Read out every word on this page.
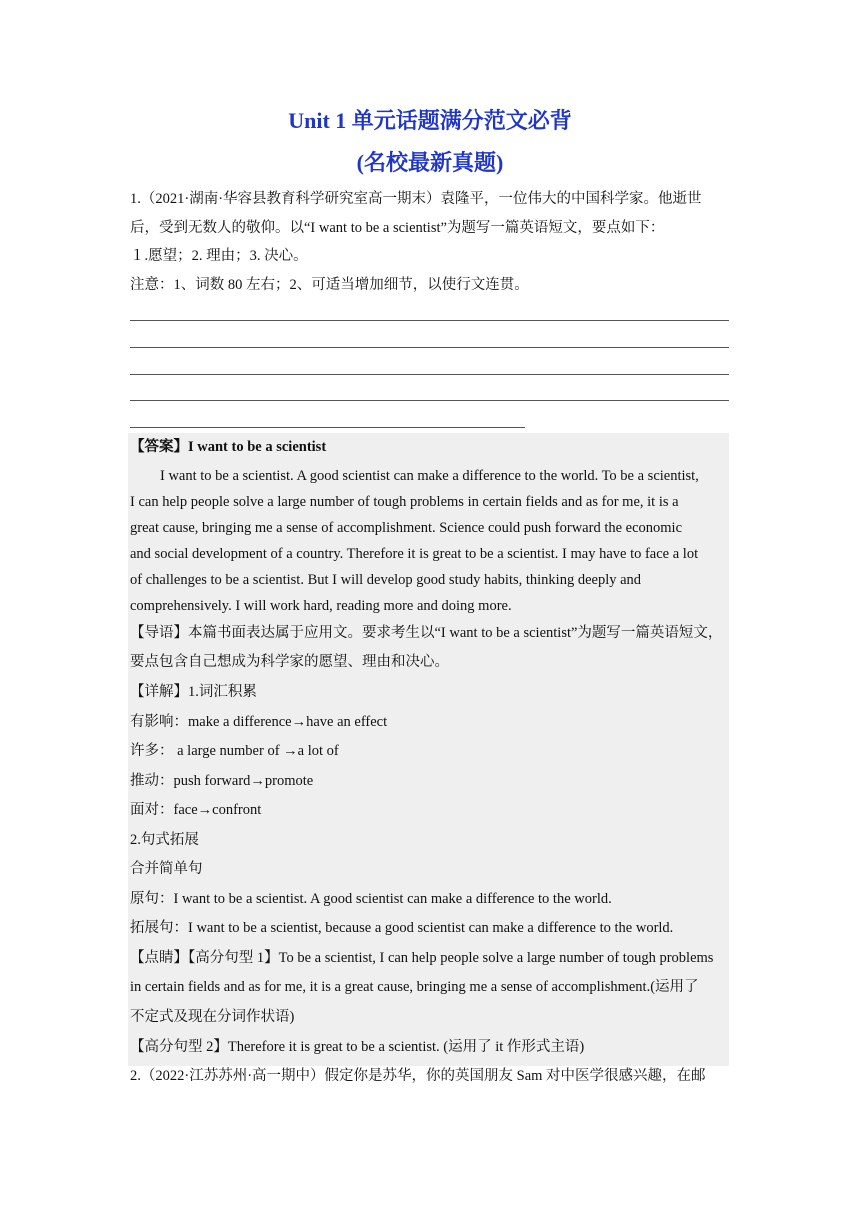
Unit 1 单元话题满分范文必背
(名校最新真题)
1.（2021·湖南·华容县教育科学研究室高一期末）袁隆平，一位伟大的中国科学家。他逝世
后，受到无数人的敬仰。以“I want to be a scientist”为题写一篇英语短文，要点如下：
１.愿望；2. 理由；3. 决心。
注意：1、词数 80 左右；2、可适当增加细节，以使行文连贯。
【答案】I want to be a scientist
I want to be a scientist. A good scientist can make a difference to the world. To be a scientist,
I can help people solve a large number of tough problems in certain fields and as for me, it is a
great cause, bringing me a sense of accomplishment. Science could push forward the economic
and social development of a country. Therefore it is great to be a scientist. I may have to face a lot
of challenges to be a scientist. But I will develop good study habits, thinking deeply and
comprehensively. I will work hard, reading more and doing more.
【导语】本篇书面表达属于应用文。要求考生以“I want to be a scientist”为题写一篇英语短文，
要点包含自己想成为科学家的愿望、理由和决心。
【详解】1.词汇积累
有影响：make a difference→have an effect
许多： a large number of →a lot of
推动：push forward→promote
面对：face→confront
2.句式拓展
合并简单句
原句：I want to be a scientist. A good scientist can make a difference to the world.
拓展句：I want to be a scientist, because a good scientist can make a difference to the world.
【点睛】【高分句型 1】To be a scientist, I can help people solve a large number of tough problems
in certain fields and as for me, it is a great cause, bringing me a sense of accomplishment.(运用了
不定式及现在分词作状语)
【高分句型 2】Therefore it is great to be a scientist. (运用了 it 作形式主语)
2.（2022·江苏苏州·高一期中）假定你是苏华，你的英国朋友 Sam 对中医学很感兴趣，在邮
